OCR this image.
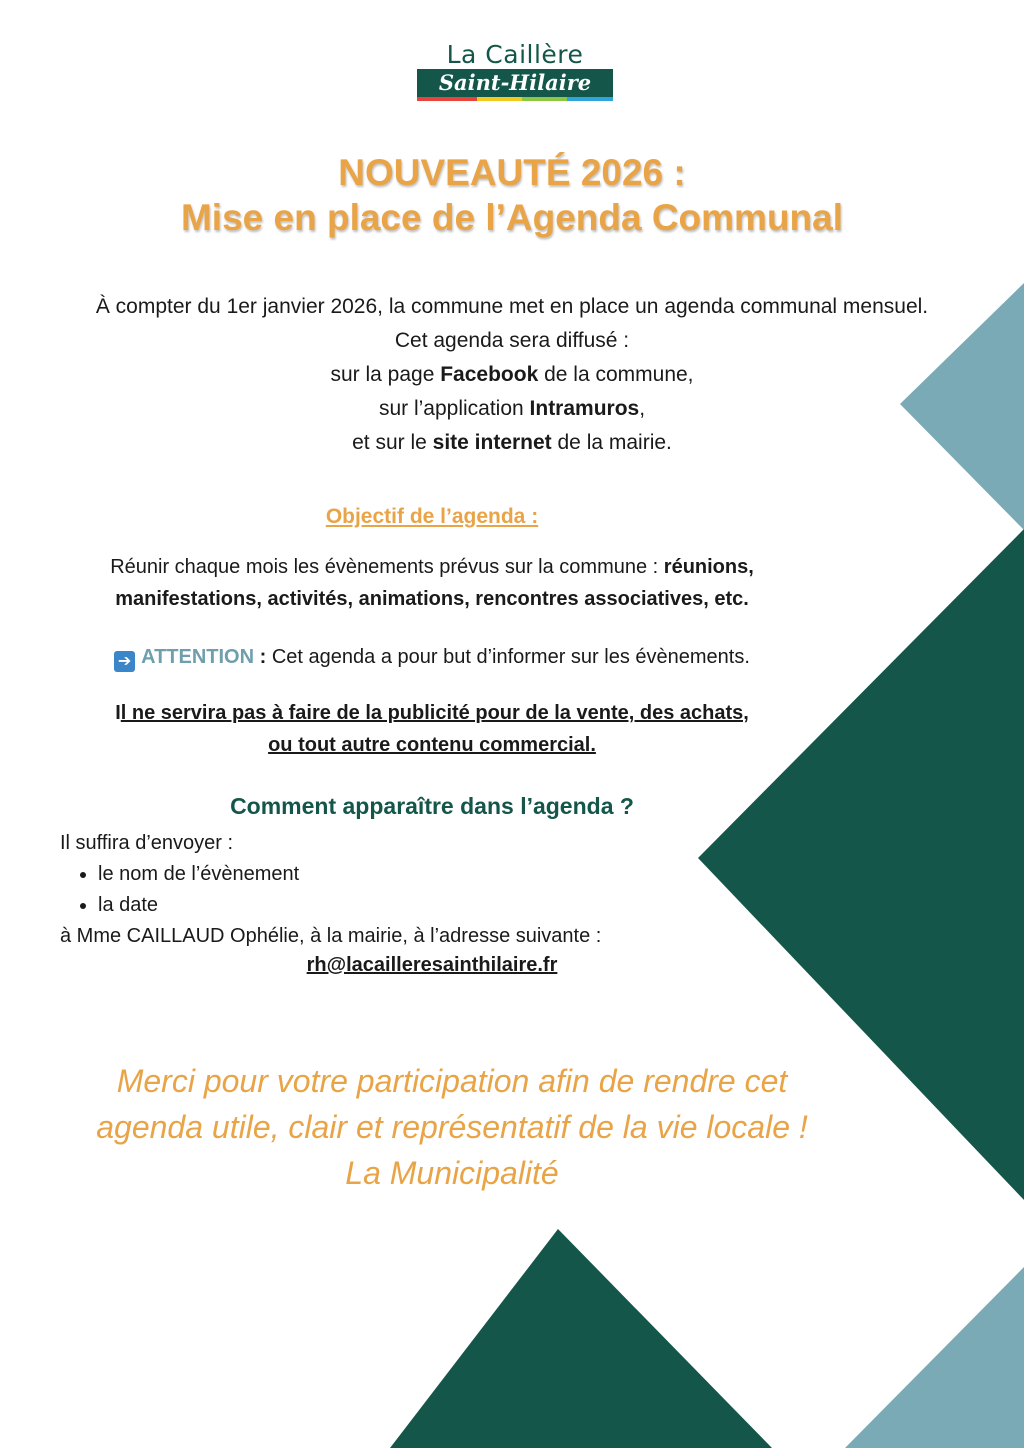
La Caillère
Saint-Hilaire
NOUVEAUTÉ 2026 :
Mise en place de l’Agenda Communal
À compter du 1er janvier 2026, la commune met en place un agenda communal mensuel.
Cet agenda sera diffusé :
sur la page Facebook de la commune,
sur l’application Intramuros,
et sur le site internet de la mairie.
Objectif de l’agenda :
Réunir chaque mois les évènements prévus sur la commune : réunions,
manifestations, activités, animations, rencontres associatives, etc.
➔ ATTENTION : Cet agenda a pour but d’informer sur les évènements.
Il ne servira pas à faire de la publicité pour de la vente, des achats,
ou tout autre contenu commercial.
Comment apparaître dans l’agenda ?
Il suffira d’envoyer :
• le nom de l’évènement
• la date
à Mme CAILLAUD Ophélie, à la mairie, à l’adresse suivante :
rh@lacailleresainthilaire.fr
Merci pour votre participation afin de rendre cet
agenda utile, clair et représentatif de la vie locale !
La Municipalité
